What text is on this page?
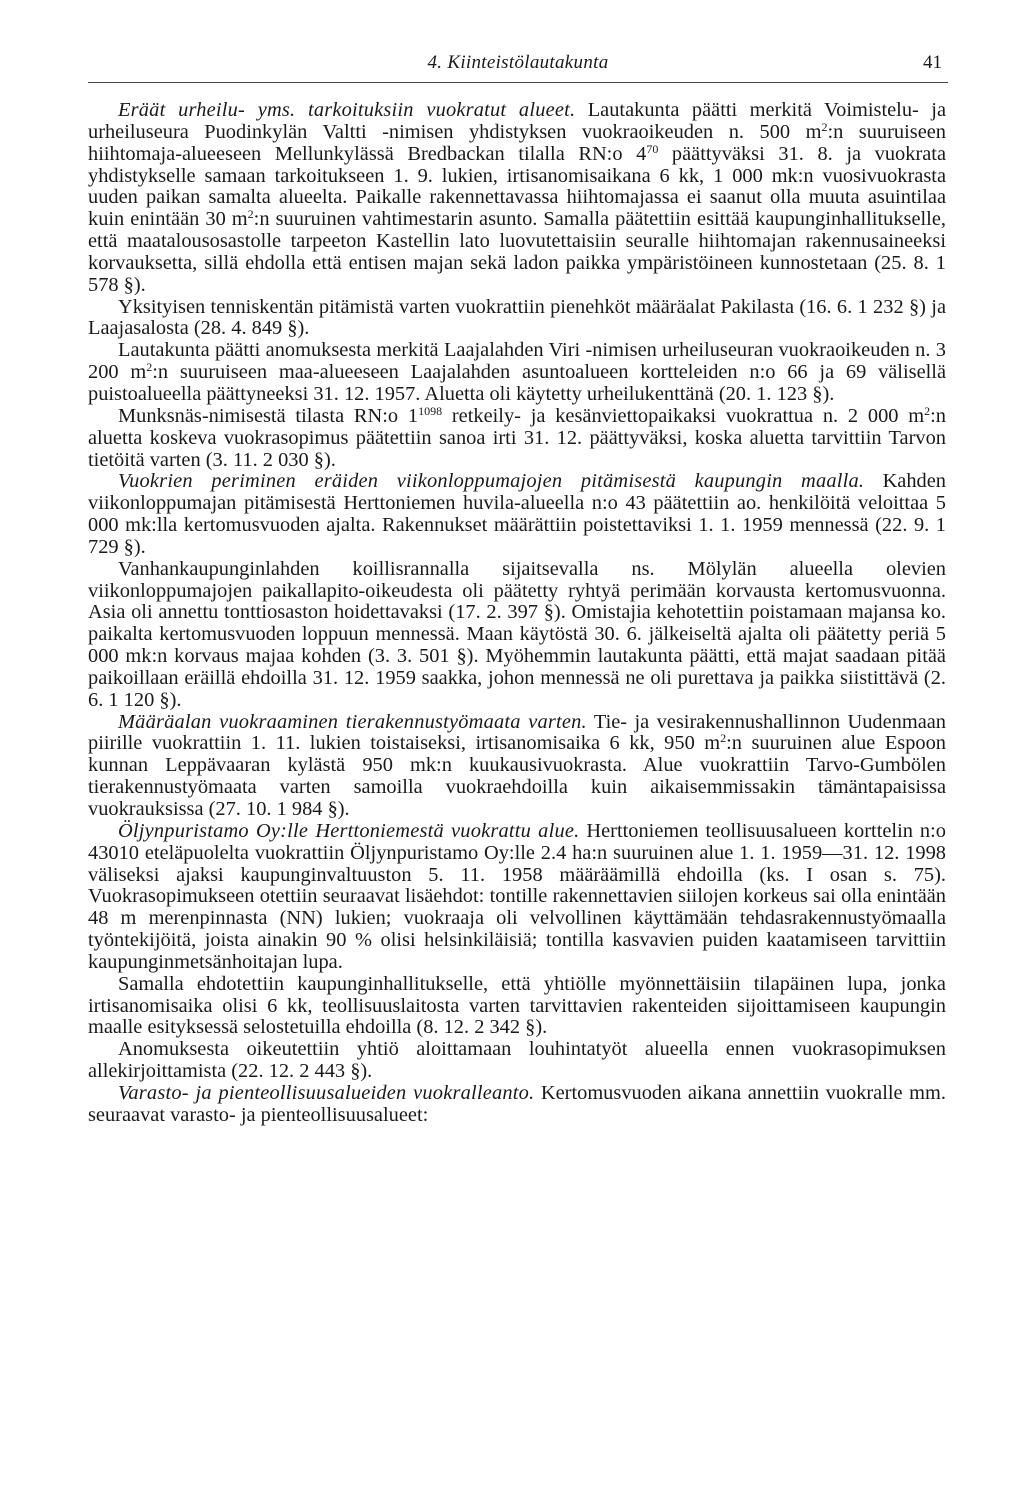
4. Kiinteistölautakunta	41

Eräät urheilu- yms. tarkoituksiin vuokratut alueet. Lautakunta päätti merkitä Voimistelu- ja urheiluseura Puodinkylän Valtti -nimisen yhdistyksen vuokraoikeuden n. 500 $m^2:n$ suuruiseen hiihtomaja-alueeseen Mellunkylässä Bredbackan tilalla RN:o $4^{70}$ päättyväksi 31. 8. ja vuokrata yhdistykselle samaan tarkoitukseen 1. 9. lukien, irtisanomisaikana 6 kk, 1 000 mk:n vuosivuokrasta uuden paikan samalta alueelta. Paikalle rakennettavassa hiihtomajassa ei saanut olla muuta asuintilaa kuin enintään 30 $m^2:n$ suuruinen vahtimestarin asunto. Samalla päätettiin esittää kaupunginhallitukselle, että maatalousosastolle tarpeeton Kastellin lato luovutettaisiin seuralle hiihtomajan rakennusaineeksi korvauksetta, sillä ehdolla että entisen majan sekä ladon paikka ympäristöineen kunnostetaan (25. 8. 1 578 §).

Yksityisen tenniskentän pitämistä varten vuokrattiin pienehköt määräalat Pakilasta (16. 6. 1 232 §) ja Laajasalosta (28. 4. 849 §).

Lautakunta päätti anomuksesta merkitä Laajalahden Viri -nimisen urheiluseuran vuokraoikeuden n. 3 200 $m^2:n$ suuruiseen maa-alueeseen Laajalahden asuntoalueen kortteleiden n:o 66 ja 69 välisellä puistoalueella päättyneeksi 31. 12. 1957. Aluetta oli käytetty urheilukenttänä (20. 1. 123 §).

Munksnäs-nimisestä tilasta RN:o $1^{1098}$ retkeily- ja kesänviettopaikaksi vuokrattua n. 2 000 $m^2:n$ aluetta koskeva vuokrasopimus päätettiin sanoa irti 31. 12. päättyväksi, koska aluetta tarvittiin Tarvon tietöitä varten (3. 11. 2 030 §).

Vuokrien periminen eräiden viikonloppumajojen pitämisestä kaupungin maalla. Kahden viikonloppumajan pitämisestä Herttoniemen huvila-alueella n:o 43 päätettiin ao. henkilöitä veloittaa 5 000 mk:lla kertomusvuoden ajalta. Rakennukset määrättiin poistettaviksi 1. 1. 1959 mennessä (22. 9. 1 729 §).

Vanhankaupunginlahden koillisrannalla sijaitsevalla ns. Mölylän alueella olevien viikonloppumajojen paikallapito-oikeudesta oli päätetty ryhtyä perimään korvausta kertomusvuonna. Asia oli annettu tonttiosaston hoidettavaksi (17. 2. 397 §). Omistajia kehotettiin poistamaan majansa ko. paikalta kertomusvuoden loppuun mennessä. Maan käytöstä 30. 6. jälkeiseltä ajalta oli päätetty periä 5 000 mk:n korvaus majaa kohden (3. 3. 501 §). Myöhemmin lautakunta päätti, että majat saadaan pitää paikoillaan eräillä ehdoilla 31. 12. 1959 saakka, johon mennessä ne oli purettava ja paikka siistittävä (2. 6. 1 120 §).

Määräalan vuokraaminen tierakennustyömaata varten. Tie- ja vesirakennushallinnon Uudenmaan piirille vuokrattiin 1. 11. lukien toistaiseksi, irtisanomisaika 6 kk, 950 $m^2:n$ suuruinen alue Espoon kunnan Leppävaaran kylästä 950 mk:n kuukausivuokrasta. Alue vuokrattiin Tarvo-Gumbölen tierakennustyömaata varten samoilla vuokraehdoilla kuin aikaisemmissakin tämäntapaisissa vuokrauksissa (27. 10. 1 984 §).

Öljynpuristamo Oy:lle Herttoniemestä vuokrattu alue. Herttoniemen teollisuusalueen korttelin n:o 43010 eteläpuolelta vuokrattiin Öljynpuristamo Oy:lle 2.4 ha:n suuruinen alue 1. 1. 1959—31. 12. 1998 väliseksi ajaksi kaupunginvaltuuston 5. 11. 1958 määräämillä ehdoilla (ks. I osan s. 75). Vuokrasopimukseen otettiin seuraavat lisäehdot: tontille rakennettavien siilojen korkeus sai olla enintään 48 m merenpinnasta (NN) lukien; vuokraaja oli velvollinen käyttämään tehdasrakennustyömaalla työntekijöitä, joista ainakin 90 % olisi helsinkiläisiä; tontilla kasvavien puiden kaatamiseen tarvittiin kaupunginmetsänhoitajan lupa.

Samalla ehdotettiin kaupunginhallitukselle, että yhtiölle myönnettäisiin tilapäinen lupa, jonka irtisanomisaika olisi 6 kk, teollisuuslaitosta varten tarvittavien rakenteiden sijoittamiseen kaupungin maalle esityksessä selostetuilla ehdoilla (8. 12. 2 342 §).

Anomuksesta oikeutettiin yhtiö aloittamaan louhintatyöt alueella ennen vuokrasopimuksen allekirjoittamista (22. 12. 2 443 §).

Varasto- ja pienteollisuusalueiden vuokralleanto. Kertomusvuoden aikana annettiin vuokralle mm. seuraavat varasto- ja pienteollisuusalueet:
